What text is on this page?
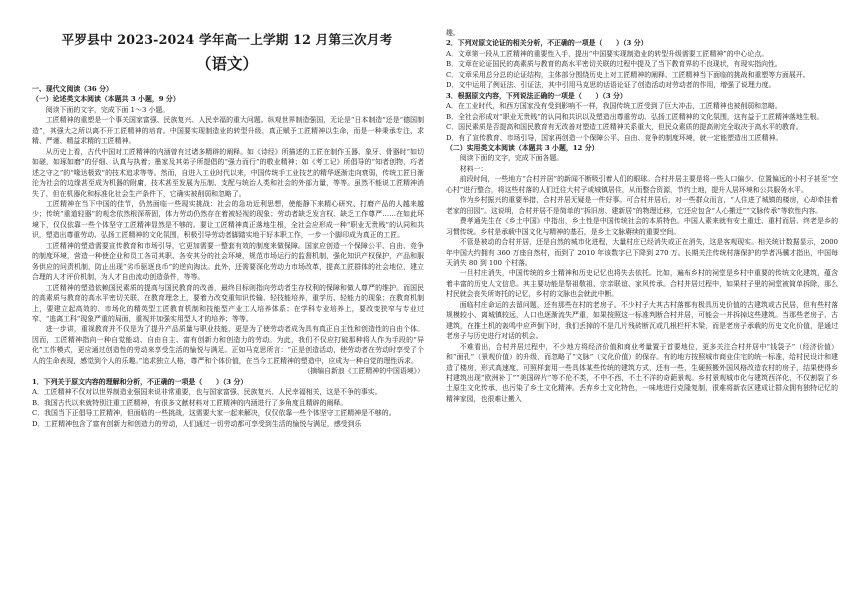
平罗县中 2023-2024 学年高一上学期 12 月第三次月考
（语文）

一、现代文阅读（36 分）

（一）论述类文本阅读（本题共 3 小题，9 分）

阅读下面的文字，完成下面 1～3 小题。

工匠精神的重塑是一个事关国家富强、民族复兴、人民幸福的重大问题。纵观世界制造强国，无论是“日本制造”还是“德国制造”，其强大之所以离不开工匠精神的培育。中国要实现制造业的转型升级，真正赋予工匠精神以生命，而是一种秉承专注、求精、严谨、精益求精的工匠精神。

从历史上看，古代中国对工匠精神的内涵曾有过诸多精辟的阐释。如《诗经》所描述的工匠在制作玉器、象牙、骨器时“如切如磋，如琢如磨”的仔细、认真与执着；墨家及其弟子所提倡的“强力而行”的敬业精神；如《考工记》所倡导的“知者创物，巧者述之守之”的“喙达极致”的技术追求等等。然而，自进入工业时代以来，中国传统手工业技艺的精华逐渐走向衰弱，传统工匠日渐沦为社会的边缘甚至成为机器的附庸，技术甚至发展为压制、支配与统治人类和社会的外部力量，等等。虽然不能说工匠精神消失了，但在机器化和标准化社会生产条件下，它确实被削弱和忽略了。

工匠精神在当下中国的佳节，仍然面临一些现实挑战：社会的急功近利思想，使能静下来精心研究、打磨产品的人越来越少；传统“重道轻器”的观念依然根深蒂固，体力劳动仍然存在着被轻视的现象；劳动者缺乏发言权、缺乏工作尊严……在如此环境下，仅仅依靠一些个体坚守工匠精神显然是不够的。要让工匠精神真正落地生根，全社会应形成一种“职业无贵贱”的认同和共识，塑造出尊重劳动、弘扬工匠精神的文化氛围，积极引导劳动者脚踏实地干好本职工作，一步一个脚印成为真正的工匠。

工匠精神的塑造需要宣传教育和市场引导，它更加需要一整套有效的制度来做保障。国家应创造一个保障公平、自由、竞争的制度环境，营造一种使企业和员工各司其职、各安其分的社会环境，规范市场运行的监督机制，强化知识产权保护，产品和服务供应的问责机制，防止出现“劣币驱逐良币”的逆向淘汰。此外，还需要深化劳动力市场改革，提高工匠群体的社会地位，建立合理的人才评价机制，为人才自由流动创造条件，等等。

工匠精神的塑造依赖国民素质的提高与国民教育的改善，最终目标则指向劳动者生存权利的保障和做人尊严的维护。而国民的高素质与教育的高水平密切关联，在教育理念上，要着力改变重知识传输、轻技能培养，重学历、轻能力的现象；在教育机制上，要建立起高效的、市场化的精英型工匠教育机制和技能型产业工人培养体系；在学科专业培养上，要改变狭窄与专业过窄、“逃离工科”现象严重的局面，重视并加强实用型人才的培养；等等。

进一步讲，重视教育并不仅是为了提升产品质量与职业技能，更是为了使劳动者成为具有真正自主性和创造性的自由个体。因而，工匠精神指向一种自觉能动、自由自主、富有创新力和创造力的劳动。为此，我们不仅应打破那种将人作为手段的“异化”工作模式，更应通过创造性的劳动来享受生活的愉悦与满足。正如马克思所言：“正是创造活动，使劳动者在劳动时享受了个人的生命表现，感觉到个人的乐趣。”追求独立人格，尊严和个体价值，在当今工匠精神的塑造中，应成为一种自觉的理性诉求。

（摘编自新浪《工匠精神的中国语境》）

1．下列关于原文内容的理解和分析，不正确的一项是（　　）（3 分）

A．工匠精神不仅对以世界制造业强国来说非常重要，也与国家富强、民族复兴、人民幸福相关，这是不争的事实。

B．我国古代以来就特别注重工匠精神，有很多文献材料对工匠精神的内涵进行了多角度且精辟的阐释。

C．我国当下正倡导工匠精神，但面临的一些挑战，这需要大家一起来解决，仅仅依靠一些个体坚守工匠精神是不够的。

D．工匠精神包含了富有创新力和创造力的劳动，人们通过一切劳动都可享受到生活的愉悦与满足，感受到乐

趣。

2．下列对原文论证的相关分析，不正确的一项是（　　）（3 分）

A．文章第一段从工匠精神的重要性入手，提出“中国要实现制造业的转型升级需要工匠精神”的中心论点。

B．文章在论证国民的高素质与教育的高水平密切关联的过程中提及了当下教育界的不良现状，有现实指向性。

C．文章采用总分总的论证结构，主体部分围绕历史上对工匠精神的阐释、工匠精神当下面临的挑战和重塑等方面展开。

D．文中运用了例证法、引证法，其中引用马克思的话语论证了创造活动对劳动者的作用，增强了说理力度。

3．根据原文内容，下列说法正确的一项是（　　）（3 分）

A．在工业时代，和西方国家没有受到影响不一样，我国传统工匠受到了巨大冲击，工匠精神也被削弱和忽略。

B．全社会形成对“职业无贵贱”的认同和共识以及塑造出尊重劳动、弘扬工匠精神的文化氛围，这有益于工匠精神落地生根。

C．国民素质是否提高和国民教育有无改善对塑造工匠精神关系重大，但民众素质的提高则完全取决于高水平的教育。

D．有了宣传教育、市场引导，国家再创造一个保障公平、自由、竞争的制度环境，就一定能塑造出工匠精神。

（二）实用类文本阅读（本题共 3 小题，12 分）

阅读下面的文字，完成下面各题。

材料一：

前段时间，一些地方“合村并居”的新闻不断吸引着人们的眼球。合村并居主要是将一些人口偏少、位置偏远的小村子甚至“空心村”进行整合，将这些村落的人们迁往大村子或城镇居住，从而整合资源，节约土地，提升人居环境和公共服务水平。

作为乡村振兴的重要举措，合村并居无疑是一件好事。可合村并居后，对一些群众而言，“人住进了城镇的楼房，心却牵挂着老家的田园”。这说明，合村并居不是简单的“拆旧房、建新居”的物理迁移，它还应包含“人心搬迁”“文脉传承”等软性内容。

费孝通先生在《乡土中国》中指出，乡土性是中国传统社会的本质特色。中国人素来就有安土重迁、重村而居、终老是乡的习惯传统。乡村是承载中国文化与精神的基石，是乡土文脉赓续的重要空间。

不管是被动的合村并居，还是自然的城市化进程，大量村庄已经消失或正在消失，这是客观现实。相关统计数据显示，2000 年中国大约拥有 360 万座自然村，而到了 2010 年该数字已下降到 270 万。长期关注传统村落保护的学者冯骥才指出，中国每天消失 80 到 100 个村落。

一旦村庄消失，中国传统的乡土精神和历史记忆也将失去依托。比如，遍布乡村的祠堂是乡村中重要的传统文化建筑，蕴含着丰富的历史人文信息。其主要功能是祭祖敬祖、宗亲联谊、家风传承。合村并居过程中，如果村子里的祠堂被简单拆除，那么村民就会丧失所寄托的记忆，乡村的文脉也会就此中断。

面临村庄命运的去留问题，还有那些在村的老房子。不少村子大其古村落都有极具历史价值的古建筑或古民居，但有些村落规模较小、离城镇较远，人口也逐渐流失严重，如果按照这一标准判断合村并居，可能会一并拆掉这些建筑。当那些老房子、古建筑，在推土机的轰鸣中应声倒下时，我们丢掉的不是几片残砖断瓦或几根栏杆木梁，而是老房子承载的历史文化价值，是通过老房子与历史进行对话的机会。

不难看出，合村并居过程中，不少地方将经济价值和商业考量置于首要地位，更多关注合村并居中“钱袋子”（经济价值）和“面孔”（景观价值）的升级，而忽略了“文脉”（文化价值）的保存。有的地方按照城市商业住宅的统一标准，给村民设计和建造了楼房，形式高速度、可照样套用一些具体某些传统的建筑方式，还有一些，生硬照搬外国风格改造农村的房子，结果使得乡村建筑出现“欧洲补丁”“美国碎片”等不伦不类，不中不西，不土不洋的奇葩景观。乡村景观城市化与建筑西洋化，不仅割裂了乡土原生文化传承，也污染了乡土文化精神。丢弃乡土文化特色，一味地进行克隆复制，很难将新农区建成让群众拥有独特记忆的精神家园，也很难让搬入
